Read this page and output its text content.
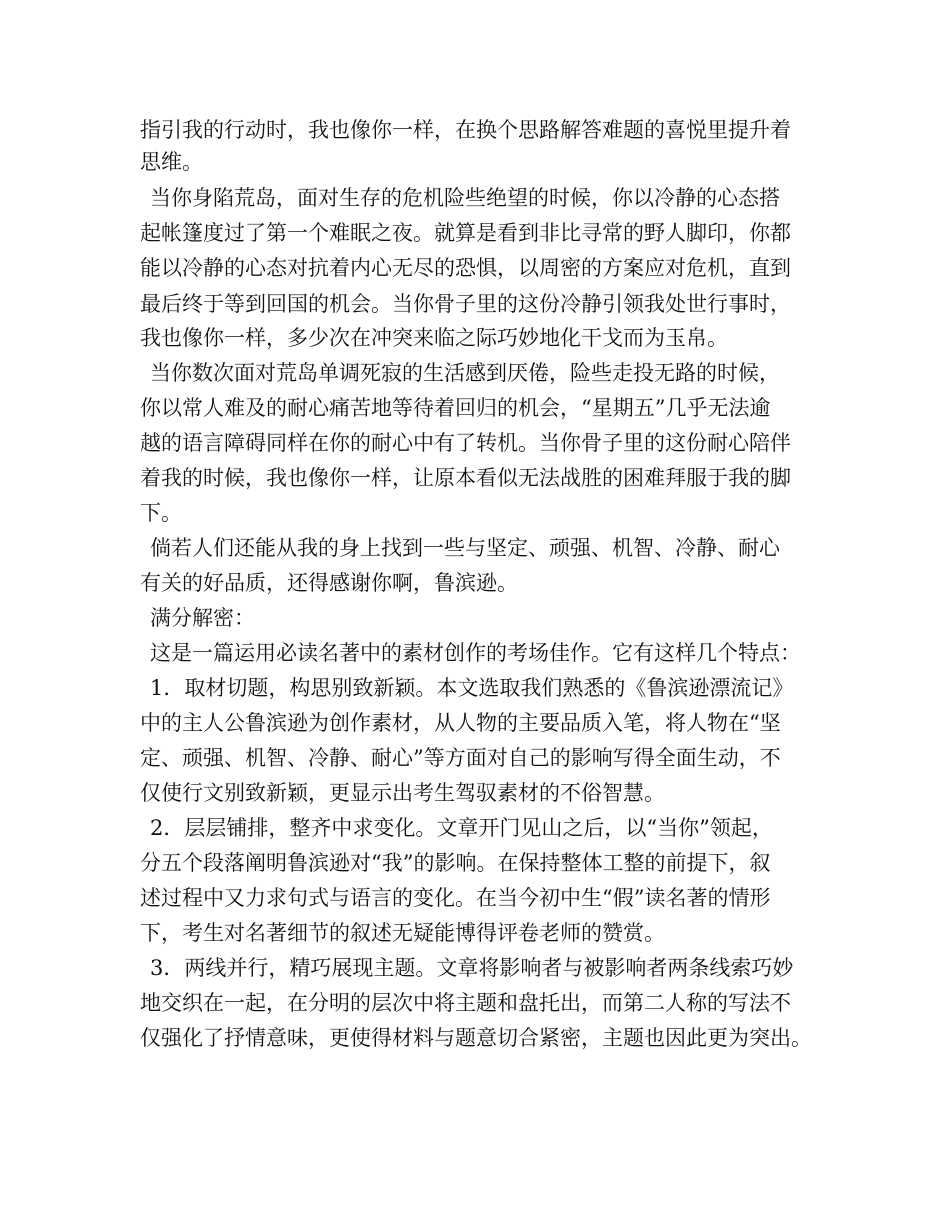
指引我的行动时，我也像你一样，在换个思路解答难题的喜悦里提升着
思维。
当你身陷荒岛，面对生存的危机险些绝望的时候，你以冷静的心态搭
起帐篷度过了第一个难眠之夜。就算是看到非比寻常的野人脚印，你都
能以冷静的心态对抗着内心无尽的恐惧，以周密的方案应对危机，直到
最后终于等到回国的机会。当你骨子里的这份冷静引领我处世行事时，
我也像你一样，多少次在冲突来临之际巧妙地化干戈而为玉帛。
当你数次面对荒岛单调死寂的生活感到厌倦，险些走投无路的时候，
你以常人难及的耐心痛苦地等待着回归的机会，“星期五”几乎无法逾
越的语言障碍同样在你的耐心中有了转机。当你骨子里的这份耐心陪伴
着我的时候，我也像你一样，让原本看似无法战胜的困难拜服于我的脚
下。
倘若人们还能从我的身上找到一些与坚定、顽强、机智、冷静、耐心
有关的好品质，还得感谢你啊，鲁滨逊。
满分解密：
这是一篇运用必读名著中的素材创作的考场佳作。它有这样几个特点：
1．取材切题，构思别致新颖。本文选取我们熟悉的《鲁滨逊漂流记》
中的主人公鲁滨逊为创作素材，从人物的主要品质入笔，将人物在“坚
定、顽强、机智、冷静、耐心”等方面对自己的影响写得全面生动，不
仅使行文别致新颖，更显示出考生驾驭素材的不俗智慧。
2．层层铺排，整齐中求变化。文章开门见山之后，以“当你”领起，
分五个段落阐明鲁滨逊对“我”的影响。在保持整体工整的前提下，叙
述过程中又力求句式与语言的变化。在当今初中生“假”读名著的情形
下，考生对名著细节的叙述无疑能博得评卷老师的赞赏。
3．两线并行，精巧展现主题。文章将影响者与被影响者两条线索巧妙
地交织在一起，在分明的层次中将主题和盘托出，而第二人称的写法不
仅强化了抒情意味，更使得材料与题意切合紧密，主题也因此更为突出。
